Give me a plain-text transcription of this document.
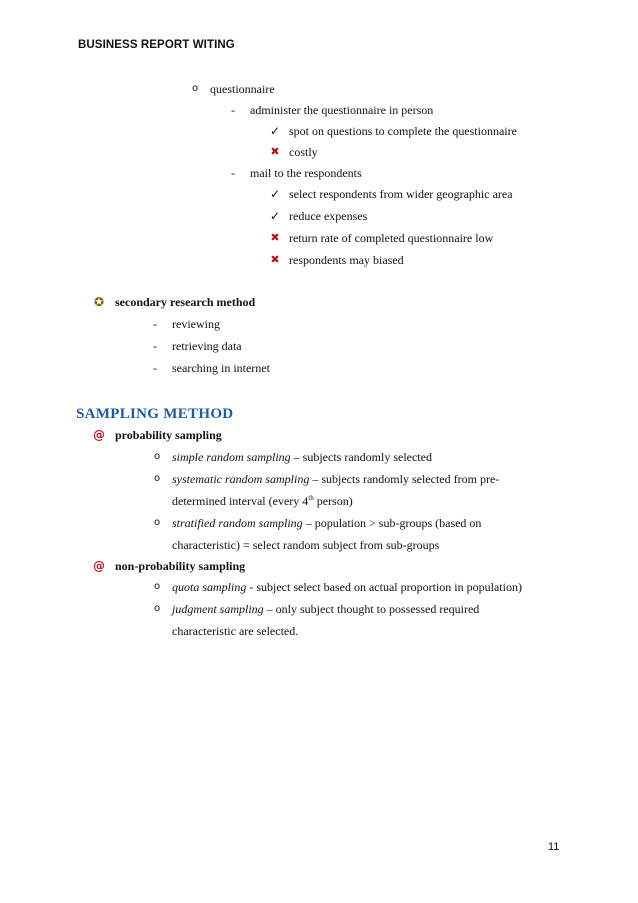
BUSINESS REPORT WITING
o questionnaire
-	administer the questionnaire in person
✓ spot on questions to complete the questionnaire
✖ costly
-	mail to the respondents
✓ select respondents from wider geographic area
✓ reduce expenses
✖ return rate of completed questionnaire low
✖ respondents may biased
✪ secondary research method
-	reviewing
-	retrieving data
-	searching in internet
SAMPLING METHOD
@ probability sampling
o simple random sampling – subjects randomly selected
o systematic random sampling – subjects randomly selected from pre-
determined interval (every 4th person)
o stratified random sampling – population > sub-groups (based on
characteristic) = select random subject from sub-groups
@ non-probability sampling
o quota sampling - subject select based on actual proportion in population)
o judgment sampling – only subject thought to possessed required
characteristic are selected.
11
